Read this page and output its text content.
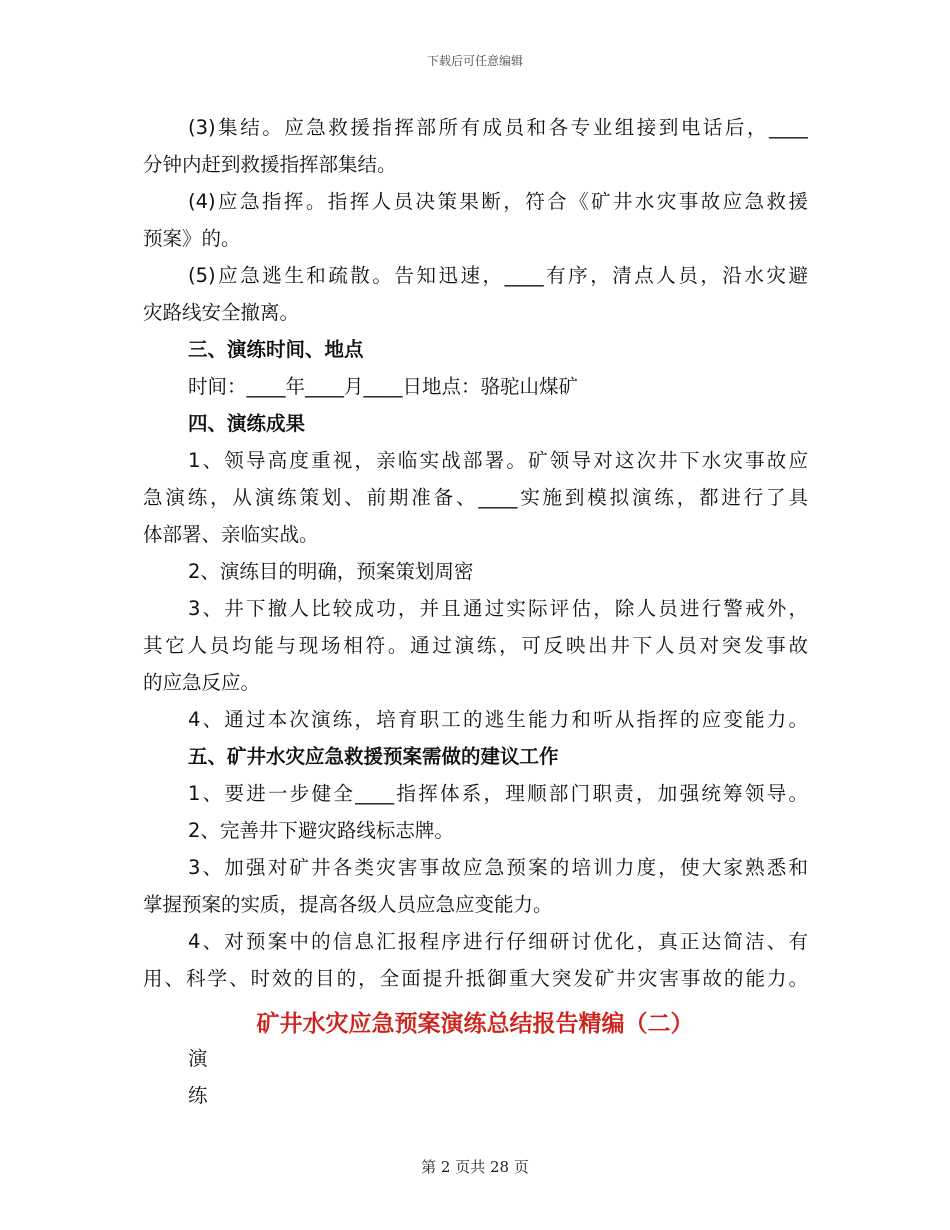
下载后可任意编辑
(3)集结。应急救援指挥部所有成员和各专业组接到电话后，____
分钟内赶到救援指挥部集结。
(4)应急指挥。指挥人员决策果断，符合《矿井水灾事故应急救援
预案》的。
(5)应急逃生和疏散。告知迅速，____有序，清点人员，沿水灾避
灾路线安全撤离。
三、演练时间、地点
时间：____年____月____日地点：骆驼山煤矿
四、演练成果
1、领导高度重视，亲临实战部署。矿领导对这次井下水灾事故应
急演练，从演练策划、前期准备、____实施到模拟演练，都进行了具
体部署、亲临实战。
2、演练目的明确，预案策划周密
3、井下撤人比较成功，并且通过实际评估，除人员进行警戒外，
其它人员均能与现场相符。通过演练，可反映出井下人员对突发事故
的应急反应。
4、通过本次演练，培育职工的逃生能力和听从指挥的应变能力。
五、矿井水灾应急救援预案需做的建议工作
1、要进一步健全____指挥体系，理顺部门职责，加强统筹领导。
2、完善井下避灾路线标志牌。
3、加强对矿井各类灾害事故应急预案的培训力度，使大家熟悉和
掌握预案的实质，提高各级人员应急应变能力。
4、对预案中的信息汇报程序进行仔细研讨优化，真正达简洁、有
用、科学、时效的目的，全面提升抵御重大突发矿井灾害事故的能力。
矿井水灾应急预案演练总结报告精编（二）
演
练
第 2 页共 28 页
